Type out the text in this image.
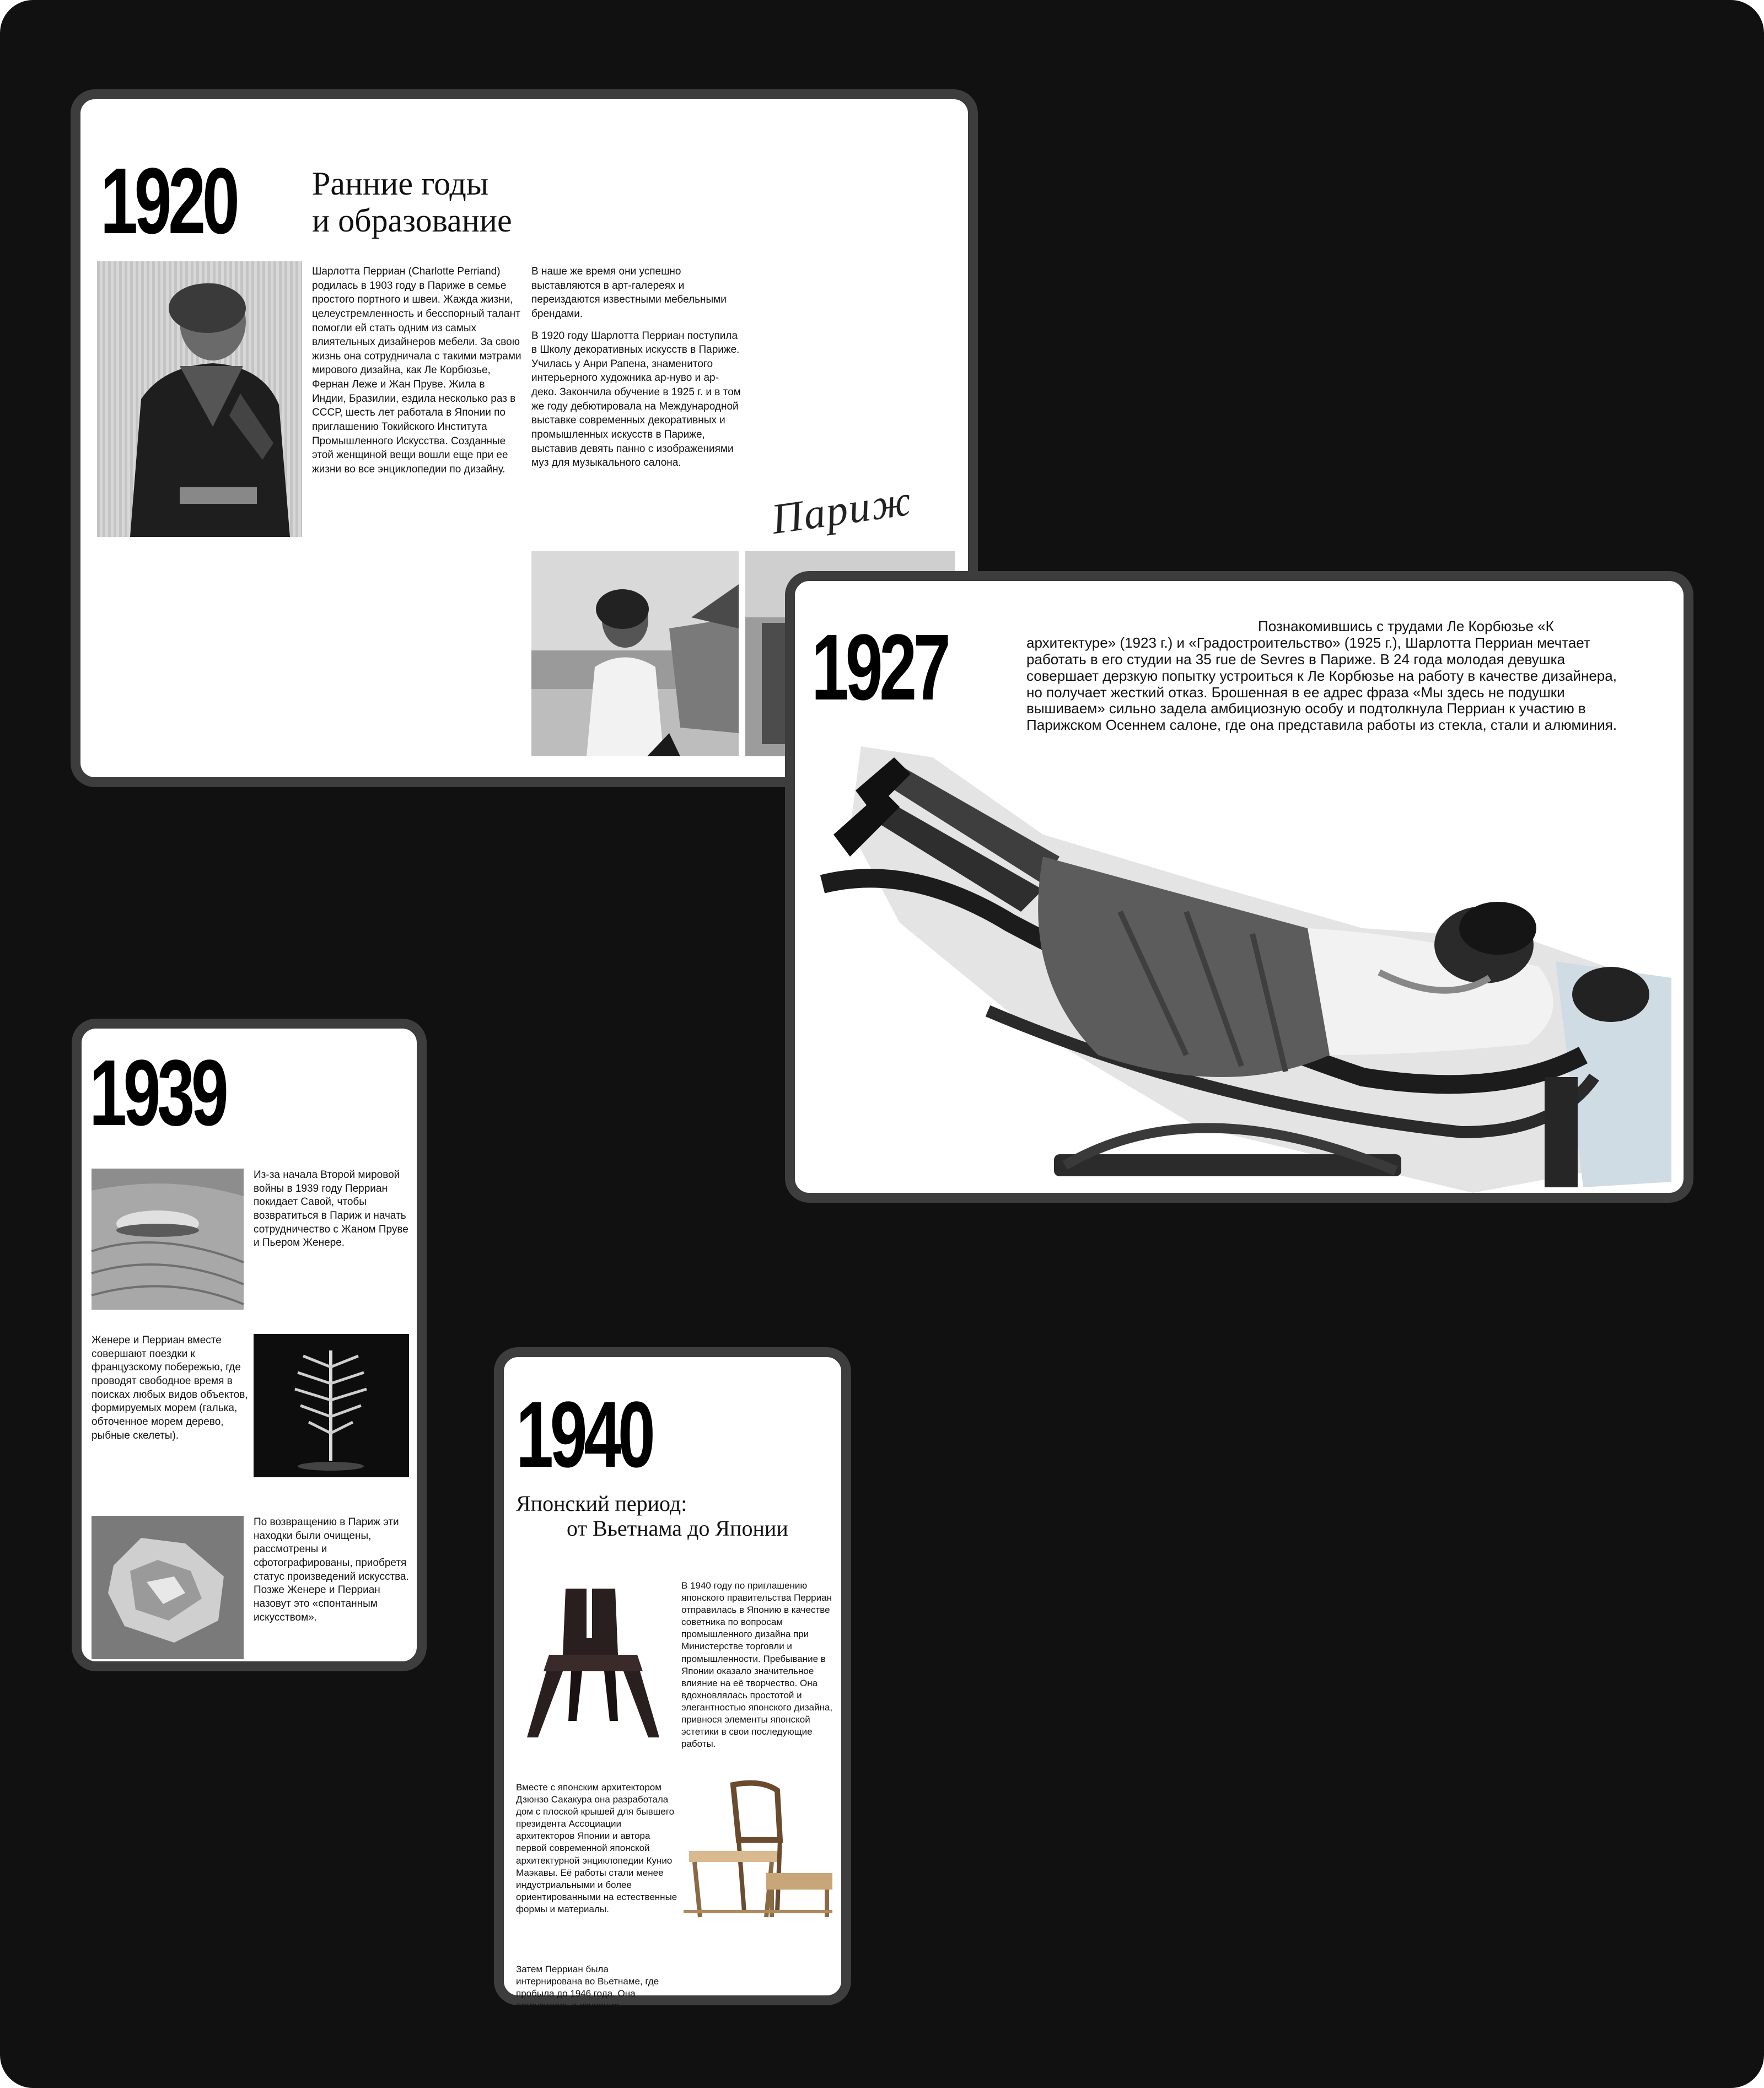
1920 Ранние годы
и образование
Шарлотта Перриан (Charlotte Perriand) родилась в 1903 году в Париже в семье простого портного и швеи. Жажда жизни, целеустремленность и бесспорный талант помогли ей стать одним из самых влиятельных дизайнеров мебели. За свою жизнь она сотрудничала с такими мэтрами мирового дизайна, как Ле Корбюзье, Фернан Леже и Жан Пруве. Жила в Индии, Бразилии, ездила несколько раз в СССР, шесть лет работала в Японии по приглашению Токийского Института Промышленного Искусства. Созданные этой женщиной вещи вошли еще при ее жизни во все энциклопедии по дизайну.

В наше же время они успешно выставляются в арт-галереях и переиздаются известными мебельными брендами.

В 1920 году Шарлотта Перриан поступила в Школу декоративных искусств в Париже. Училась у Анри Рапена, знаменитого интерьерного художника ар-нуво и ар-деко. Закончила обучение в 1925 г. и в том же году дебютировала на Международной выставке современных декоративных и промышленных искусств в Париже, выставив девять панно с изображениями муз для музыкального салона.

Париж
1927	Познакомившись с трудами Ле Корбюзье «К архитектуре» (1923 г.) и «Градостроительство» (1925 г.), Шарлотта Перриан мечтает работать в его студии на 35 rue de Sevres в Париже. В 24 года молодая девушка совершает дерзкую попытку устроиться к Ле Корбюзье на работу в качестве дизайнера, но получает жесткий отказ. Брошенная в ее адрес фраза «Мы здесь не подушки вышиваем» сильно задела амбициозную особу и подтолкнула Перриан к участию в Парижском Осеннем салоне, где она представила работы из стекла, стали и алюминия.
1939
Из-за начала Второй мировой войны в 1939 году Перриан покидает Савой, чтобы возвратиться в Париж и начать сотрудничество с Жаном Пруве и Пьером Жeнере.
Жeнере и Перриан вместе совершают поездки к французскому побережью, где проводят свободное время в поисках любых видов объектов, формируемых морем (галька, обточенное морем дерево, рыбные скелеты).
По возвращению в Париж эти находки были очищены, рассмотрены и сфотографированы, приобретя статус произведений искусства. Позже Жeнере и Перриан назовут это «спонтанным искусством».
1940
Японский период:
от Вьетнама до Японии
В 1940 году по приглашению японского правительства Перриан отправилась в Японию в качестве советника по вопросам промышленного дизайна при Министерстве торговли и промышленности. Пребывание в Японии оказало значительное влияние на её творчество. Она вдохновлялась простотой и элегантностью японского дизайна, привнося элементы японской эстетики в свои последующие работы.
Вместе с японским архитектором Дзюнзо Сакакура она разработала дом с плоской крышей для бывшего президента Ассоциации архитекторов Японии и автора первой современной японской архитектурной энциклопедии Кунио Маэкавы. Её работы стали менее индустриальными и более ориентированными на естественные формы и материалы.
Затем Перриан была интернирована во Вьетнаме, где пробыла до 1946 года. Она погрузилась в изучение
